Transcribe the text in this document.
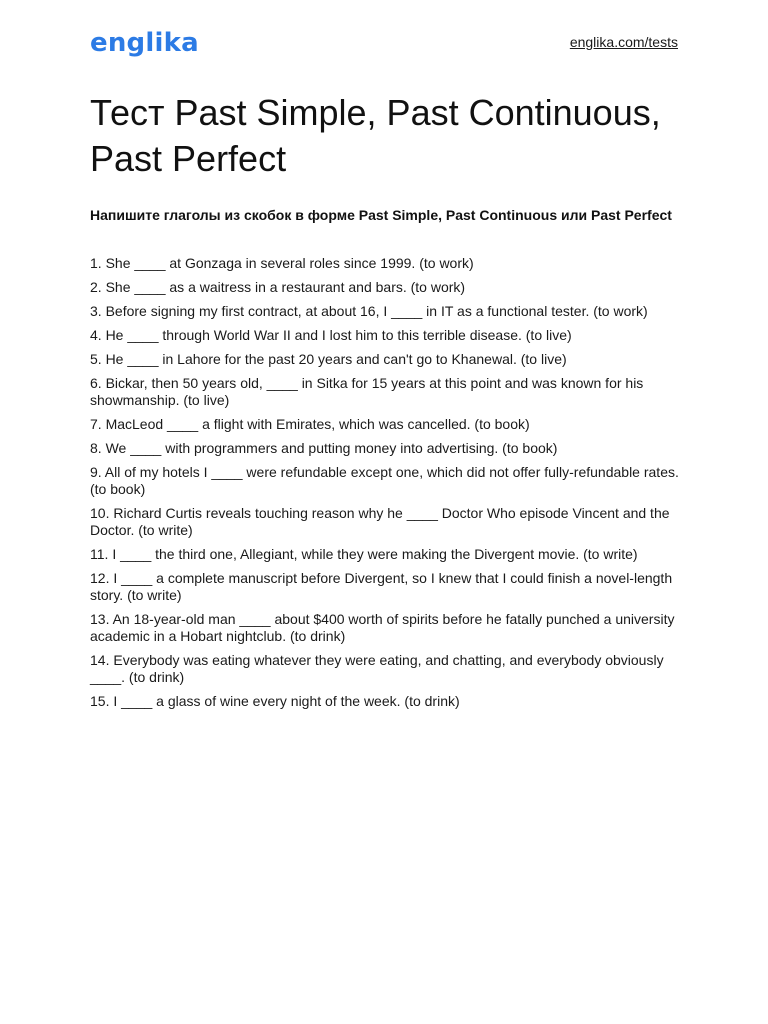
englika	englika.com/tests
Тест Past Simple, Past Continuous, Past Perfect

Напишите глаголы из скобок в форме Past Simple, Past Continuous или Past Perfect

1. She ____ at Gonzaga in several roles since 1999. (to work)
2. She ____ as a waitress in a restaurant and bars. (to work)
3. Before signing my first contract, at about 16, I ____ in IT as a functional tester. (to work)
4. He ____ through World War II and I lost him to this terrible disease. (to live)
5. He ____ in Lahore for the past 20 years and can't go to Khanewal. (to live)
6. Bickar, then 50 years old, ____ in Sitka for 15 years at this point and was known for his showmanship. (to live)
7. MacLeod ____ a flight with Emirates, which was cancelled. (to book)
8. We ____ with programmers and putting money into advertising. (to book)
9. All of my hotels I ____ were refundable except one, which did not offer fully-refundable rates. (to book)
10. Richard Curtis reveals touching reason why he ____ Doctor Who episode Vincent and the Doctor. (to write)
11. I ____ the third one, Allegiant, while they were making the Divergent movie. (to write)
12. I ____ a complete manuscript before Divergent, so I knew that I could finish a novel-length story. (to write)
13. An 18-year-old man ____ about $400 worth of spirits before he fatally punched a university academic in a Hobart nightclub. (to drink)
14. Everybody was eating whatever they were eating, and chatting, and everybody obviously ____. (to drink)
15. I ____ a glass of wine every night of the week. (to drink)
